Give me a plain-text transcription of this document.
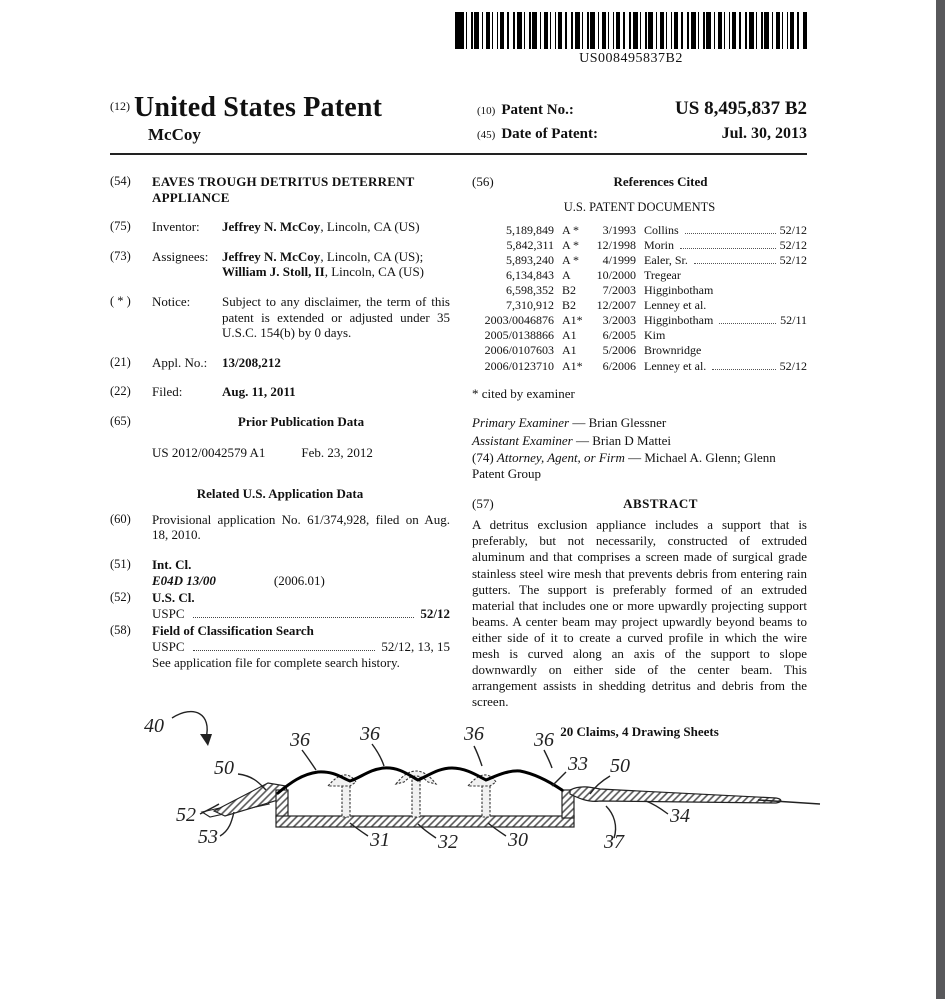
US008495837B2
$^{(12)}$ United States Patent
McCoy
(10) Patent No.:	US 8,495,837 B2
(45) Date of Patent:	Jul. 30, 2013
(54)	EAVES TROUGH DETRITUS DETERRENT APPLIANCE
(75)	Inventor:	Jeffrey N. McCoy, Lincoln, CA (US)
(73)	Assignees:	Jeffrey N. McCoy, Lincoln, CA (US);
William J. Stoll, II, Lincoln, CA (US)
( * )	Notice:	Subject to any disclaimer, the term of this patent is extended or adjusted under 35 U.S.C. 154(b) by 0 days.
(21)	Appl. No.:	13/208,212
(22)	Filed:	Aug. 11, 2011
(65)	Prior Publication Data
US 2012/0042579 A1	Feb. 23, 2012
Related U.S. Application Data
(60)	Provisional application No. 61/374,928, filed on Aug. 18, 2010.
(51)	Int. Cl.
E04D 13/00	(2006.01)
(52)	U.S. Cl.
USPC	52/12
(58)	Field of Classification Search
USPC	52/12, 13, 15
See application file for complete search history.
(56)	References Cited
U.S. PATENT DOCUMENTS
5,189,849 A *	3/1993 Collins	52/12
5,842,311 A *	12/1998 Morin	52/12
5,893,240 A *	4/1999 Ealer, Sr.	52/12
6,134,843 A	10/2000 Tregear
6,598,352 B2	7/2003 Higginbotham
7,310,912 B2	12/2007 Lenney et al.
2003/0046876 A1*	3/2003 Higginbotham	52/11
2005/0138866 A1	6/2005 Kim
2006/0107603 A1	5/2006 Brownridge
2006/0123710 A1*	6/2006 Lenney et al.	52/12
* cited by examiner
Primary Examiner — Brian Glessner
Assistant Examiner — Brian D Mattei
(74) Attorney, Agent, or Firm — Michael A. Glenn; Glenn Patent Group
(57)	ABSTRACT
A detritus exclusion appliance includes a support that is preferably, but not necessarily, constructed of extruded aluminum and that comprises a screen made of surgical grade stainless steel wire mesh that prevents debris from entering rain gutters. The support is preferably formed of an extruded material that includes one or more upwardly projecting support beams. A center beam may project upwardly beyond beams to either side of it to create a curved profile in which the wire mesh is curved along an axis of the support to slope downwardly on either side of the center beam. This arrangement assists in shedding detritus and debris from the screen.
20 Claims, 4 Drawing Sheets
40
50
52
53
36	36	36	36
33 50
31 32	30	37
34
